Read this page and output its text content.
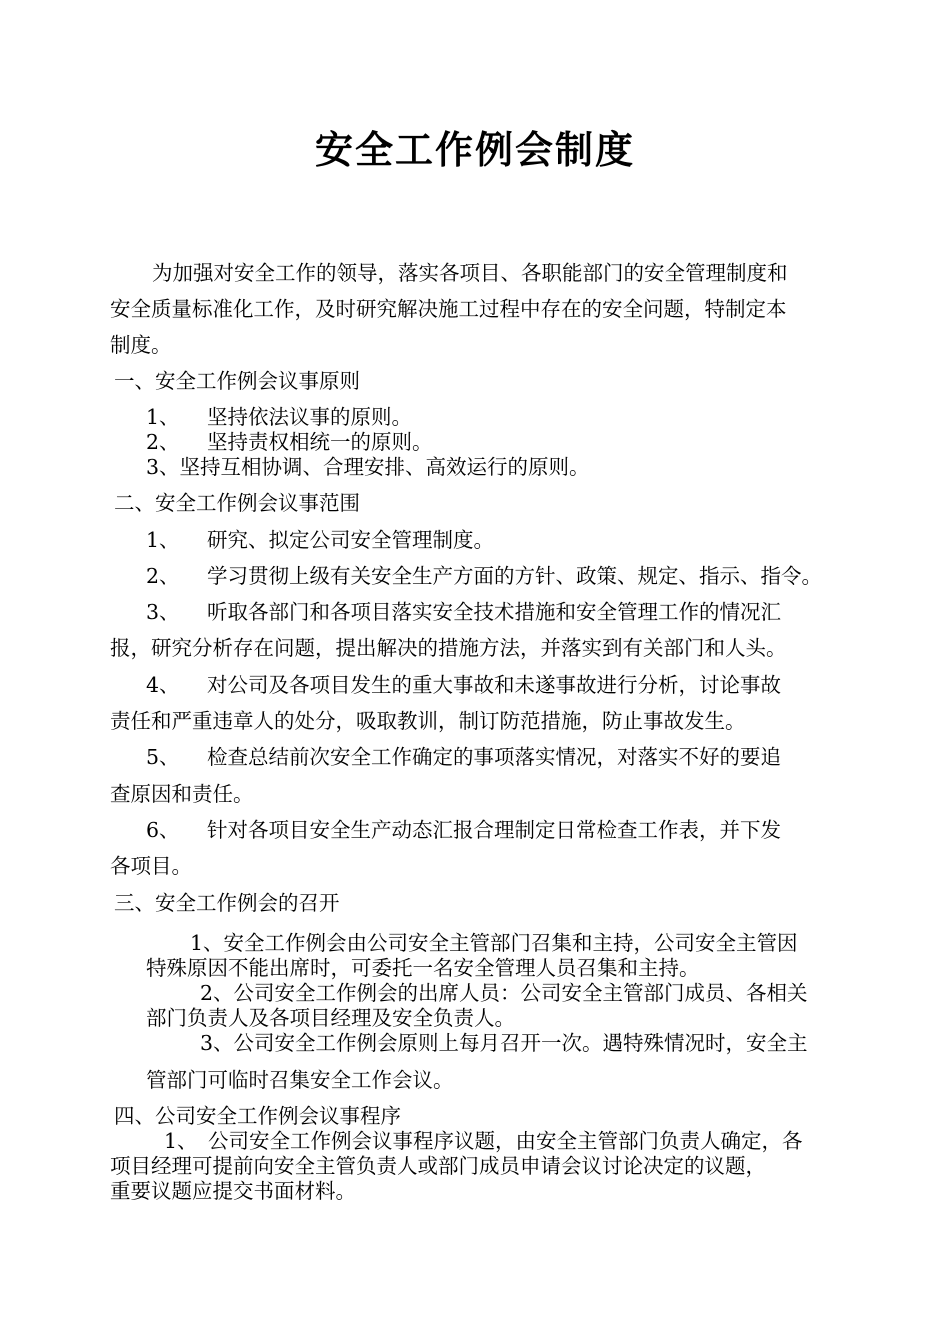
安全工作例会制度
为加强对安全工作的领导，落实各项目、各职能部门的安全管理制度和
安全质量标准化工作，及时研究解决施工过程中存在的安全问题，特制定本
制度。
一、安全工作例会议事原则
1、 坚持依法议事的原则。
2、 坚持责权相统一的原则。
3、坚持互相协调、合理安排、高效运行的原则。
二、安全工作例会议事范围
1、 研究、拟定公司安全管理制度。
2、 学习贯彻上级有关安全生产方面的方针、政策、规定、指示、指令。
3、 听取各部门和各项目落实安全技术措施和安全管理工作的情况汇
报，研究分析存在问题，提出解决的措施方法，并落实到有关部门和人头。
4、 对公司及各项目发生的重大事故和未遂事故进行分析，讨论事故
责任和严重违章人的处分，吸取教训，制订防范措施，防止事故发生。
5、 检查总结前次安全工作确定的事项落实情况，对落实不好的要追
查原因和责任。
6、 针对各项目安全生产动态汇报合理制定日常检查工作表，并下发
各项目。
三、安全工作例会的召开
1、安全工作例会由公司安全主管部门召集和主持，公司安全主管因
特殊原因不能出席时，可委托一名安全管理人员召集和主持。
2、公司安全工作例会的出席人员：公司安全主管部门成员、各相关
部门负责人及各项目经理及安全负责人。
3、公司安全工作例会原则上每月召开一次。遇特殊情况时，安全主
管部门可临时召集安全工作会议。
四、公司安全工作例会议事程序
1、 公司安全工作例会议事程序议题，由安全主管部门负责人确定，各
项目经理可提前向安全主管负责人或部门成员申请会议讨论决定的议题，
重要议题应提交书面材料。
